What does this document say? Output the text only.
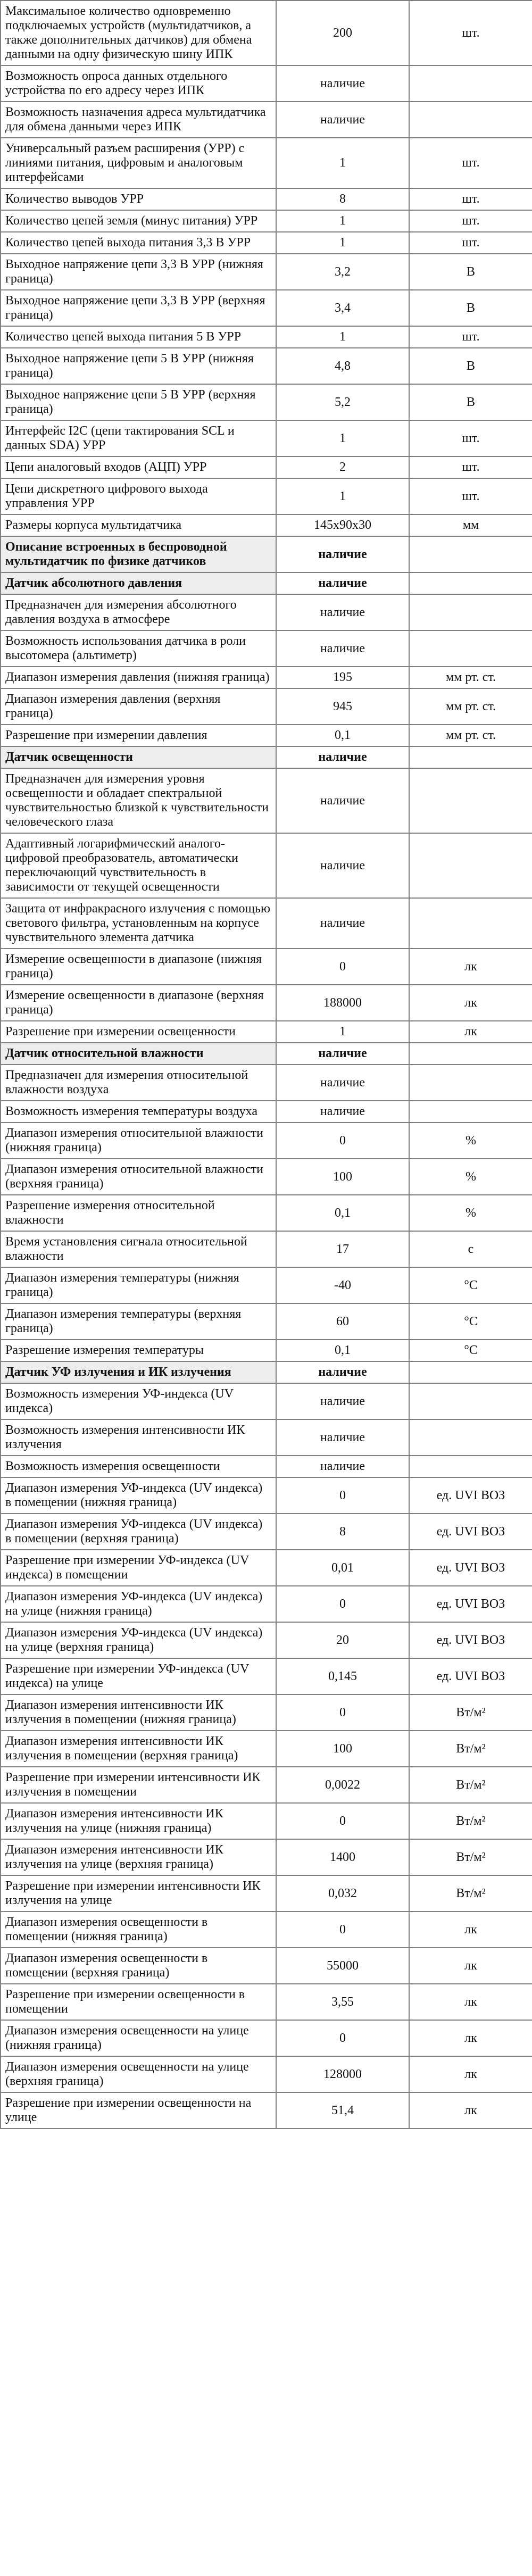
Максимальное количество одновременно подключаемых устройств (мультидатчиков, а также дополнительных датчиков) для обмена данными на одну физическую шину ИПК	200	шт.
Возможность опроса данных отдельного устройства по его адресу через ИПК	наличие	
Возможность назначения адреса мультидатчика для обмена данными через ИПК	наличие	
Универсальный разъем расширения (УРР) с линиями питания, цифровым и аналоговым интерфейсами	1	шт.
Количество выводов УРР	8	шт.
Количество цепей земля (минус питания) УРР	1	шт.
Количество цепей выхода питания 3,3 В УРР	1	шт.
Выходное напряжение цепи 3,3 В УРР (нижняя граница)	3,2	В
Выходное напряжение цепи 3,3 В УРР (верхняя граница)	3,4	В
Количество цепей выхода питания 5 В УРР	1	шт.
Выходное напряжение цепи 5 В УРР (нижняя граница)	4,8	В
Выходное напряжение цепи 5 В УРР (верхняя граница)	5,2	В
Интерфейс I2C (цепи тактирования SCL и данных SDA) УРР	1	шт.
Цепи аналоговый входов (АЦП) УРР	2	шт.
Цепи дискретного цифрового выхода управления УРР	1	шт.
Размеры корпуса мультидатчика	145х90х30	мм
Описание встроенных в беспроводной мультидатчик по физике датчиков	наличие	
Датчик абсолютного давления	наличие	
Предназначен для измерения абсолютного давления воздуха в атмосфере	наличие	
Возможность использования датчика в роли высотомера (альтиметр)	наличие	
Диапазон измерения давления (нижняя граница)	195	мм рт. ст.
Диапазон измерения давления (верхняя граница)	945	мм рт. ст.
Разрешение при измерении давления	0,1	мм рт. ст.
Датчик освещенности	наличие	
Предназначен для измерения уровня освещенности и обладает спектральной чувствительностью близкой к чувствительности человеческого глаза	наличие	
Адаптивный логарифмический аналого-цифровой преобразователь, автоматически переключающий чувствительность в зависимости от текущей освещенности	наличие	
Защита от инфракрасного излучения с помощью светового фильтра, установленным на корпусе чувствительного элемента датчика	наличие	
Измерение освещенности в диапазоне (нижняя граница)	0	лк
Измерение освещенности в диапазоне (верхняя граница)	188000	лк
Разрешение при измерении освещенности	1	лк
Датчик относительной влажности	наличие	
Предназначен для измерения относительной влажности воздуха	наличие	
Возможность измерения температуры воздуха	наличие	
Диапазон измерения относительной влажности (нижняя граница)	0	%
Диапазон измерения относительной влажности (верхняя граница)	100	%
Разрешение измерения относительной влажности	0,1	%
Время установления сигнала относительной влажности	17	с
Диапазон измерения температуры (нижняя граница)	-40	°С
Диапазон измерения температуры (верхняя граница)	60	°С
Разрешение измерения температуры	0,1	°С
Датчик УФ излучения и ИК излучения	наличие	
Возможность измерения УФ-индекса (UV индекса)	наличие	
Возможность измерения интенсивности ИК излучения	наличие	
Возможность измерения освещенности	наличие	
Диапазон измерения УФ-индекса (UV индекса) в помещении (нижняя граница)	0	ед. UVI ВОЗ
Диапазон измерения УФ-индекса (UV индекса) в помещении (верхняя граница)	8	ед. UVI ВОЗ
Разрешение при измерении УФ-индекса (UV индекса) в помещении	0,01	ед. UVI ВОЗ
Диапазон измерения УФ-индекса (UV индекса) на улице (нижняя граница)	0	ед. UVI ВОЗ
Диапазон измерения УФ-индекса (UV индекса) на улице (верхняя граница)	20	ед. UVI ВОЗ
Разрешение при измерении УФ-индекса (UV индекса) на улице	0,145	ед. UVI ВОЗ
Диапазон измерения интенсивности ИК излучения в помещении (нижняя граница)	0	Вт/м²
Диапазон измерения интенсивности ИК излучения в помещении (верхняя граница)	100	Вт/м²
Разрешение при измерении интенсивности ИК излучения в помещении	0,0022	Вт/м²
Диапазон измерения интенсивности ИК излучения на улице (нижняя граница)	0	Вт/м²
Диапазон измерения интенсивности ИК излучения на улице (верхняя граница)	1400	Вт/м²
Разрешение при измерении интенсивности ИК излучения на улице	0,032	Вт/м²
Диапазон измерения освещенности в помещении (нижняя граница)	0	лк
Диапазон измерения освещенности в помещении (верхняя граница)	55000	лк
Разрешение при измерении освещенности в помещении	3,55	лк
Диапазон измерения освещенности на улице (нижняя граница)	0	лк
Диапазон измерения освещенности на улице (верхняя граница)	128000	лк
Разрешение при измерении освещенности на улице	51,4	лк
